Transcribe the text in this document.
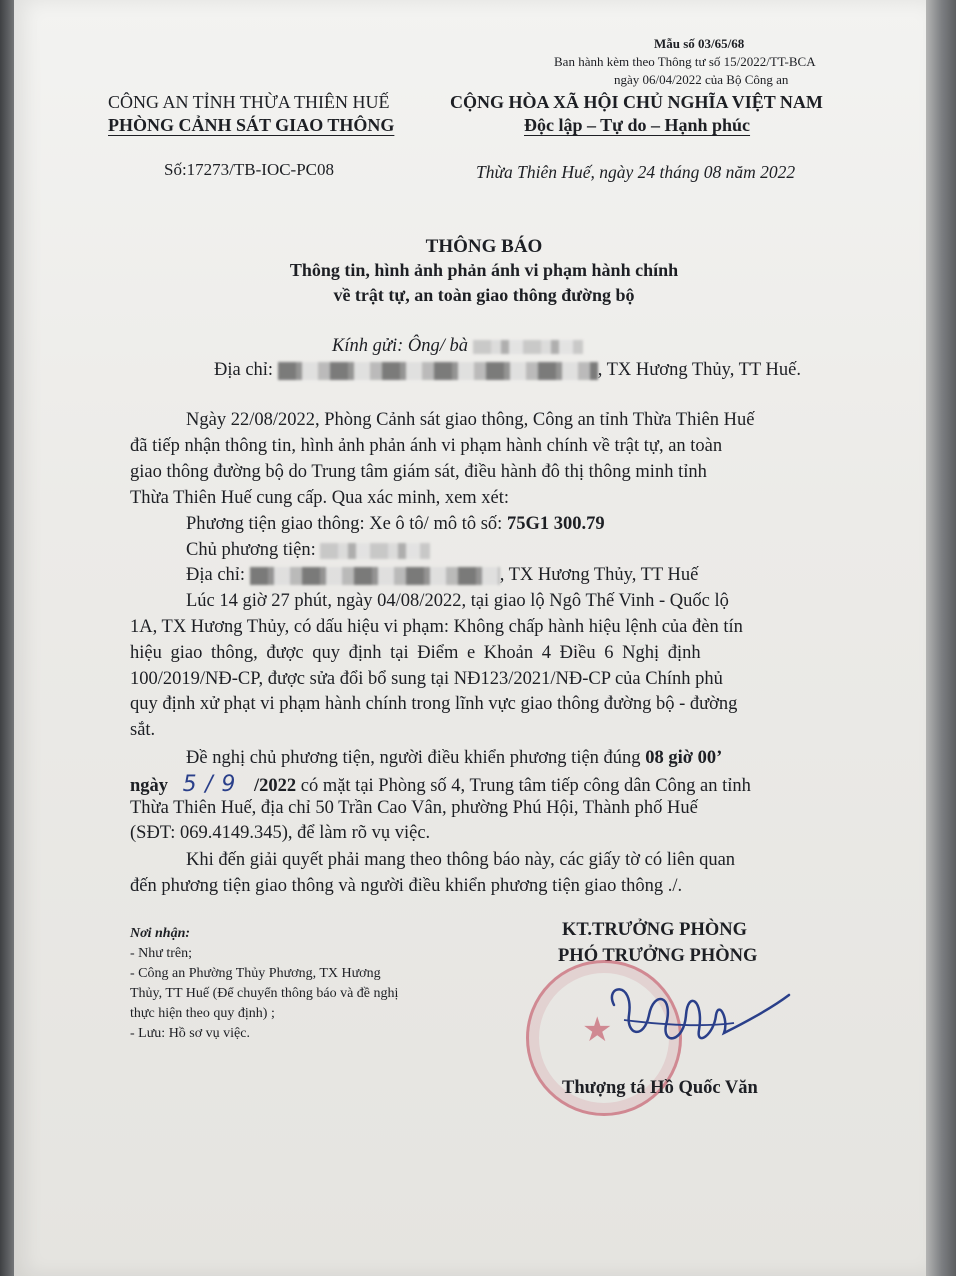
Mẫu số 03/65/68
Ban hành kèm theo Thông tư số 15/2022/TT-BCA
ngày 06/04/2022 của Bộ Công an
CÔNG AN TỈNH THỪA THIÊN HUẾ
PHÒNG CẢNH SÁT GIAO THÔNG
CỘNG HÒA XÃ HỘI CHỦ NGHĨA VIỆT NAM
Độc lập – Tự do – Hạnh phúc
Số:17273/TB-IOC-PC08	Thừa Thiên Huế, ngày 24 tháng 08 năm 2022
THÔNG BÁO
Thông tin, hình ảnh phản ánh vi phạm hành chính
về trật tự, an toàn giao thông đường bộ
Kính gửi: Ông/ bà
Địa chỉ:	, TX Hương Thủy, TT Huế.
Ngày 22/08/2022, Phòng Cảnh sát giao thông, Công an tỉnh Thừa Thiên Huế
đã tiếp nhận thông tin, hình ảnh phản ánh vi phạm hành chính về trật tự, an toàn
giao thông đường bộ do Trung tâm giám sát, điều hành đô thị thông minh tỉnh
Thừa Thiên Huế cung cấp. Qua xác minh, xem xét:
Phương tiện giao thông: Xe ô tô/ mô tô số: 75G1 300.79
Chủ phương tiện:
Địa chỉ:	, TX Hương Thủy, TT Huế
Lúc 14 giờ 27 phút, ngày 04/08/2022, tại giao lộ Ngô Thế Vinh - Quốc lộ
1A, TX Hương Thủy, có dấu hiệu vi phạm: Không chấp hành hiệu lệnh của đèn tín
hiệu giao thông, được quy định tại Điểm e Khoản 4 Điều 6 Nghị định
100/2019/NĐ-CP, được sửa đổi bổ sung tại NĐ123/2021/NĐ-CP của Chính phủ
quy định xử phạt vi phạm hành chính trong lĩnh vực giao thông đường bộ - đường
sắt.
Đề nghị chủ phương tiện, người điều khiển phương tiện đúng 08 giờ 00’
ngày 5 / 9 /2022 có mặt tại Phòng số 4, Trung tâm tiếp công dân Công an tỉnh
Thừa Thiên Huế, địa chỉ 50 Trần Cao Vân, phường Phú Hội, Thành phố Huế
(SĐT: 069.4149.345), để làm rõ vụ việc.
Khi đến giải quyết phải mang theo thông báo này, các giấy tờ có liên quan
đến phương tiện giao thông và người điều khiển phương tiện giao thông ./.
Nơi nhận:
- Như trên;
- Công an Phường Thủy Phương, TX Hương
Thủy, TT Huế (Để chuyển thông báo và đề nghị
thực hiện theo quy định) ;
- Lưu: Hồ sơ vụ việc.
KT.TRƯỞNG PHÒNG
PHÓ TRƯỞNG PHÒNG
★
Thượng tá Hồ Quốc Văn
